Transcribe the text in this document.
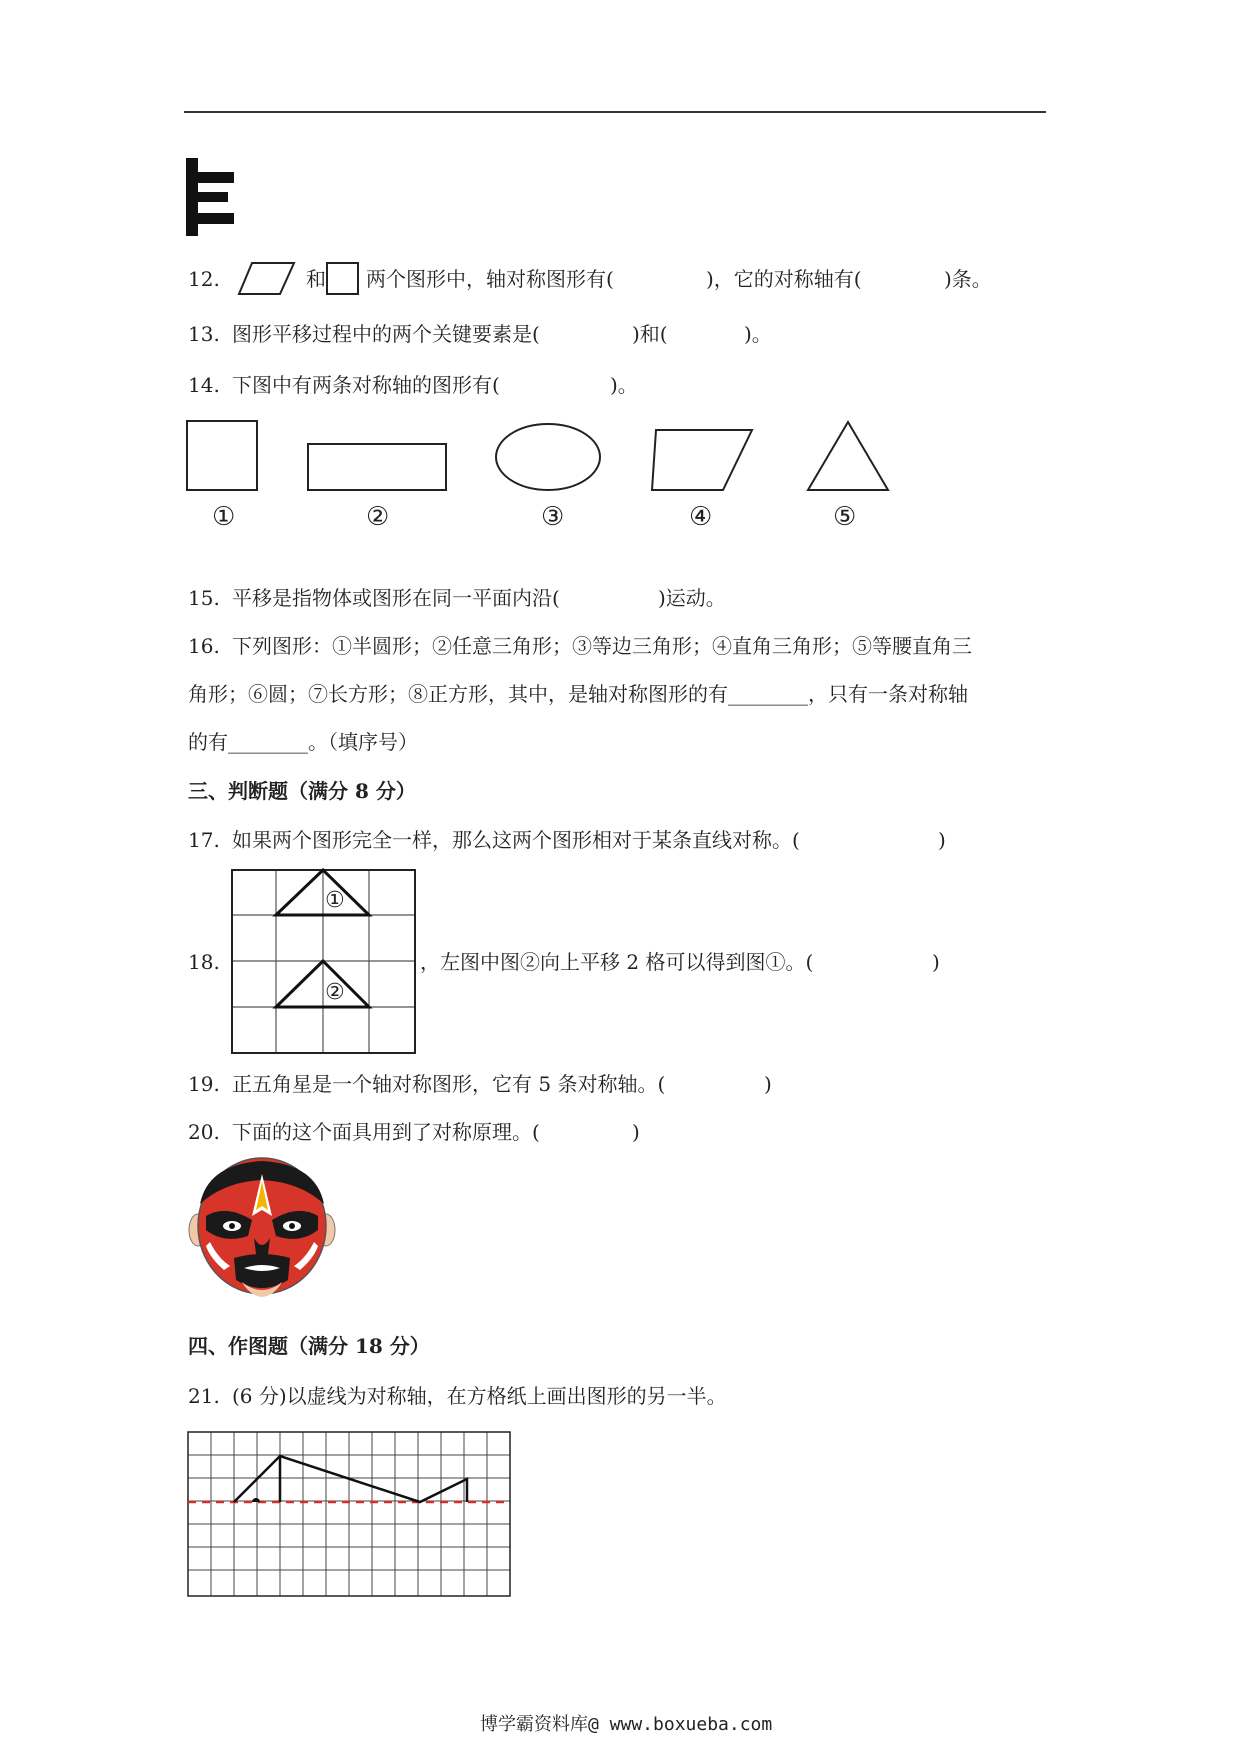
12.	和 两个图形中，轴对称图形有(	)，它的对称轴有(	)条。
13. 图形平移过程中的两个关键要素是(	)和(	)。
14. 下图中有两条对称轴的图形有(	)。
①	②	③	④	⑤
15. 平移是指物体或图形在同一平面内沿(	)运动。
16. 下列图形：①半圆形；②任意三角形；③等边三角形；④直角三角形；⑤等腰直角三
角形；⑥圆；⑦长方形；⑧正方形，其中，是轴对称图形的有________，只有一条对称轴
的有________。（填序号）
三、判断题（满分 8 分）
17. 如果两个图形完全一样，那么这两个图形相对于某条直线对称。(	)
18.
①
②
，左图中图②向上平移 2 格可以得到图①。(	)
19. 正五角星是一个轴对称图形，它有 5 条对称轴。(	)
20. 下面的这个面具用到了对称原理。(	)
四、作图题（满分 18 分）
21. (6 分)以虚线为对称轴，在方格纸上画出图形的另一半。
博学霸资料库@ www.boxueba.com
